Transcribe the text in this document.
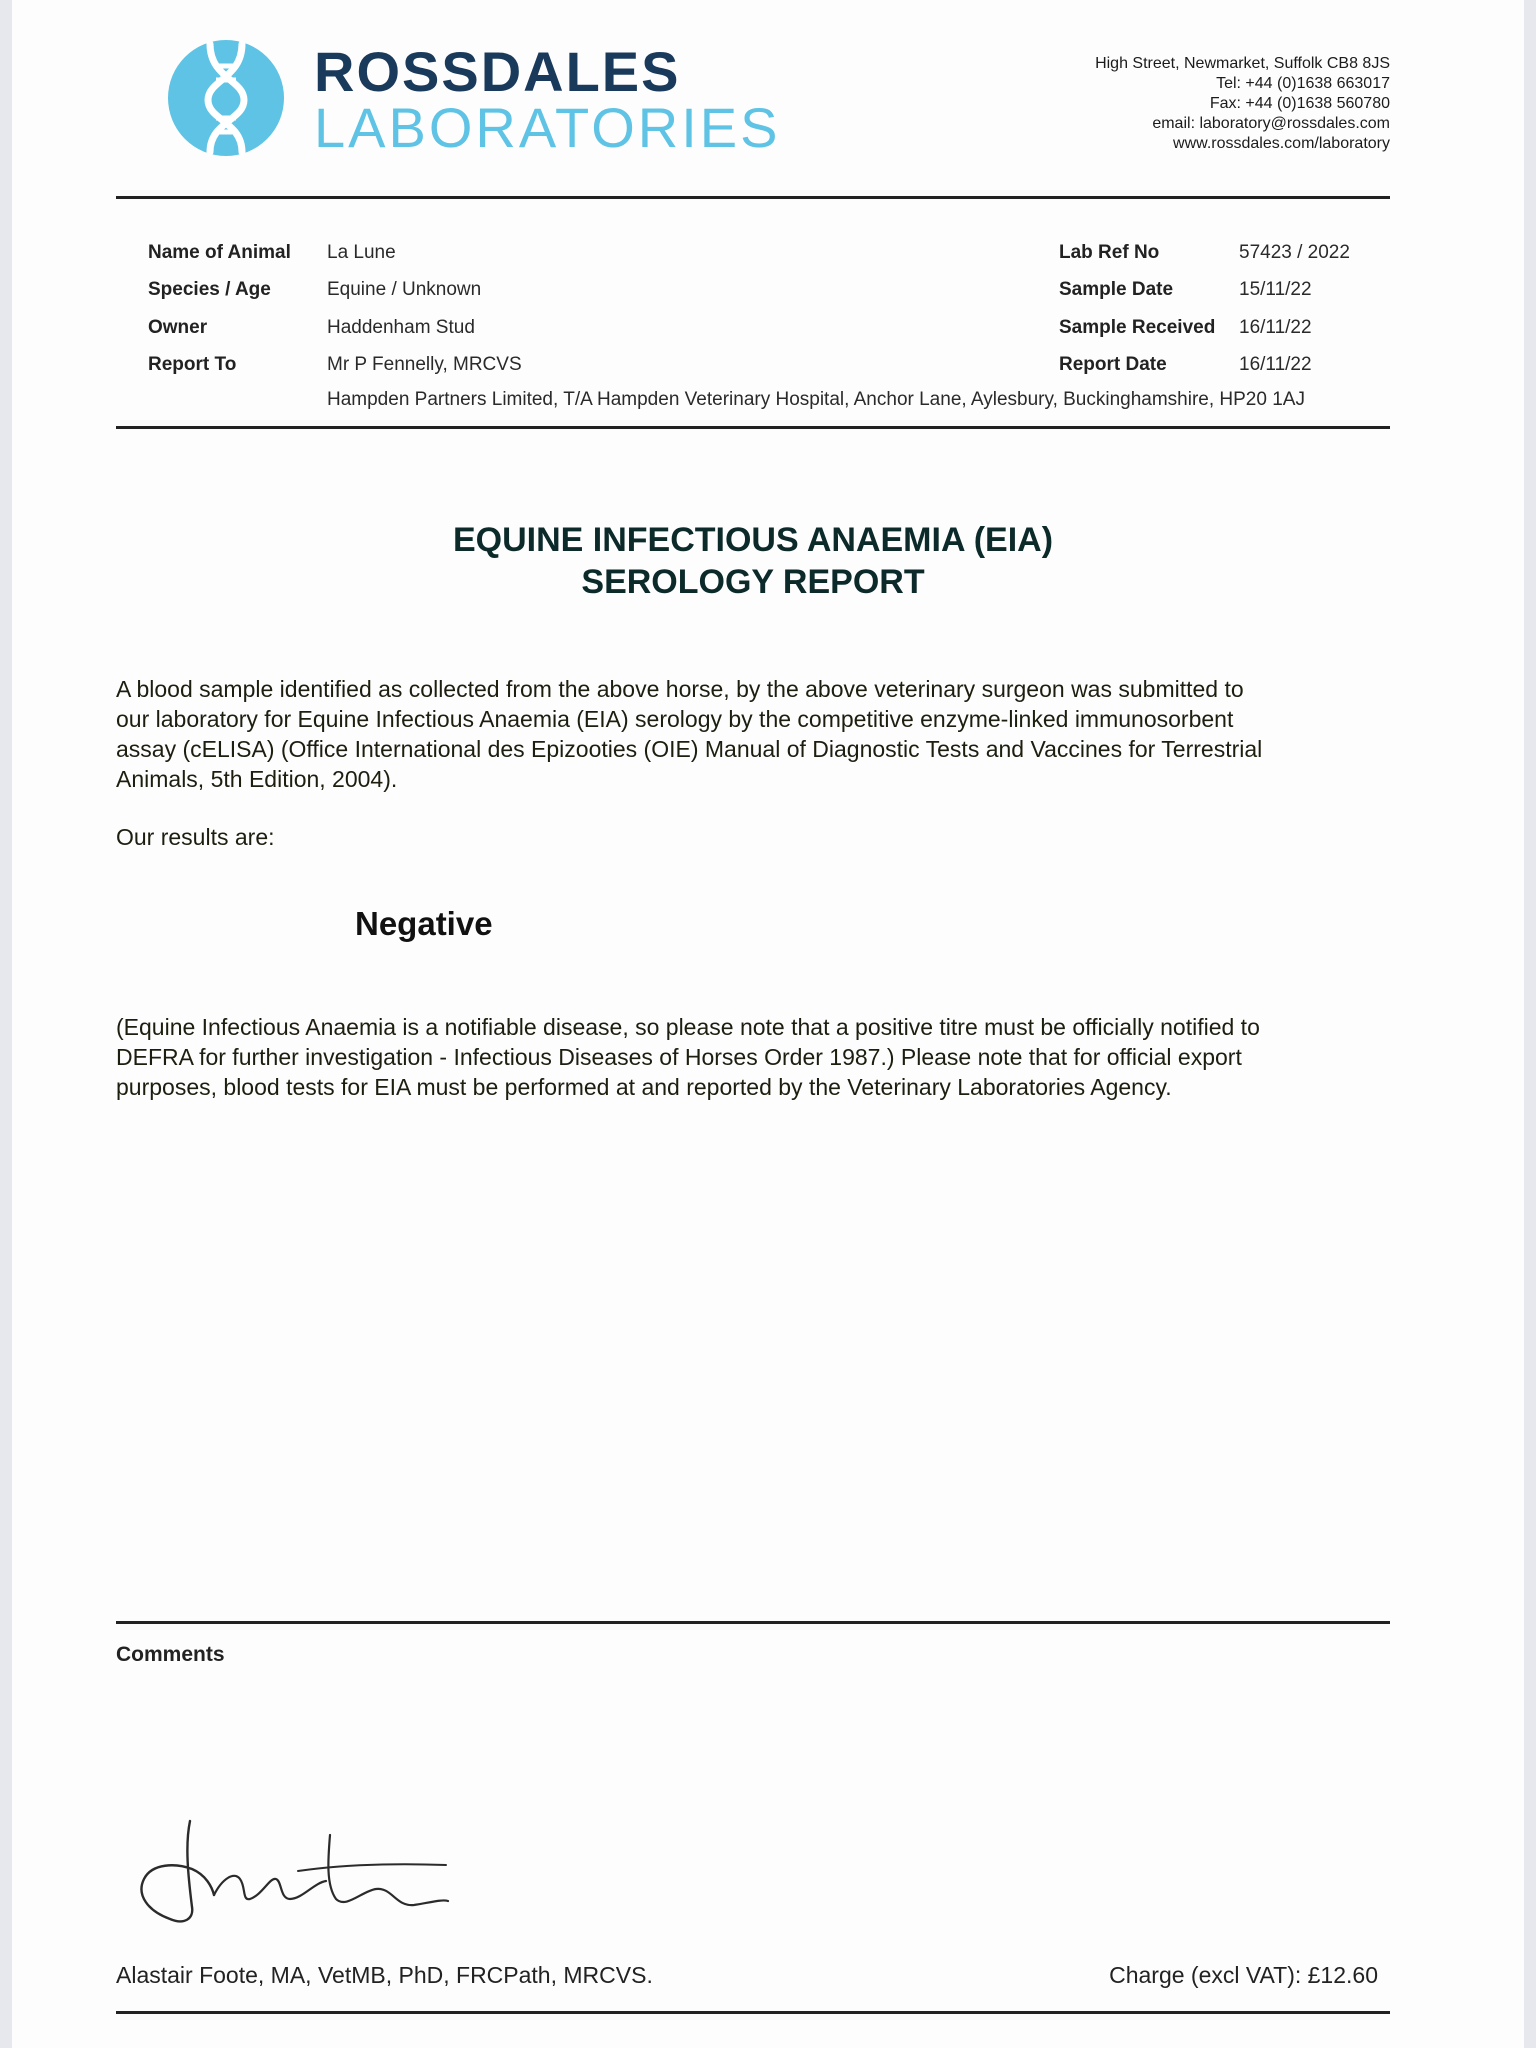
ROSSDALES
LABORATORIES
High Street, Newmarket, Suffolk CB8 8JS
Tel: +44 (0)1638 663017
Fax: +44 (0)1638 560780
email: laboratory@rossdales.com
www.rossdales.com/laboratory
Name of Animal La Lune
Species / Age	Equine / Unknown
Owner	Haddenham Stud
Report To	Mr P Fennelly, MRCVS
Hampden Partners Limited, T/A Hampden Veterinary Hospital, Anchor Lane, Aylesbury, Buckinghamshire, HP20 1AJ
Lab Ref No	57423 / 2022
Sample Date	15/11/22
Sample Received 16/11/22
Report Date	16/11/22
EQUINE INFECTIOUS ANAEMIA (EIA)
SEROLOGY REPORT
A blood sample identified as collected from the above horse, by the above veterinary surgeon was submitted to
our laboratory for Equine Infectious Anaemia (EIA) serology by the competitive enzyme-linked immunosorbent
assay (cELISA) (Office International des Epizooties (OIE) Manual of Diagnostic Tests and Vaccines for Terrestrial
Animals, 5th Edition, 2004).
Our results are:
Negative
(Equine Infectious Anaemia is a notifiable disease, so please note that a positive titre must be officially notified to
DEFRA for further investigation - Infectious Diseases of Horses Order 1987.) Please note that for official export
purposes, blood tests for EIA must be performed at and reported by the Veterinary Laboratories Agency.
Comments
Alastair Foote, MA, VetMB, PhD, FRCPath, MRCVS.	Charge (excl VAT): £12.60
